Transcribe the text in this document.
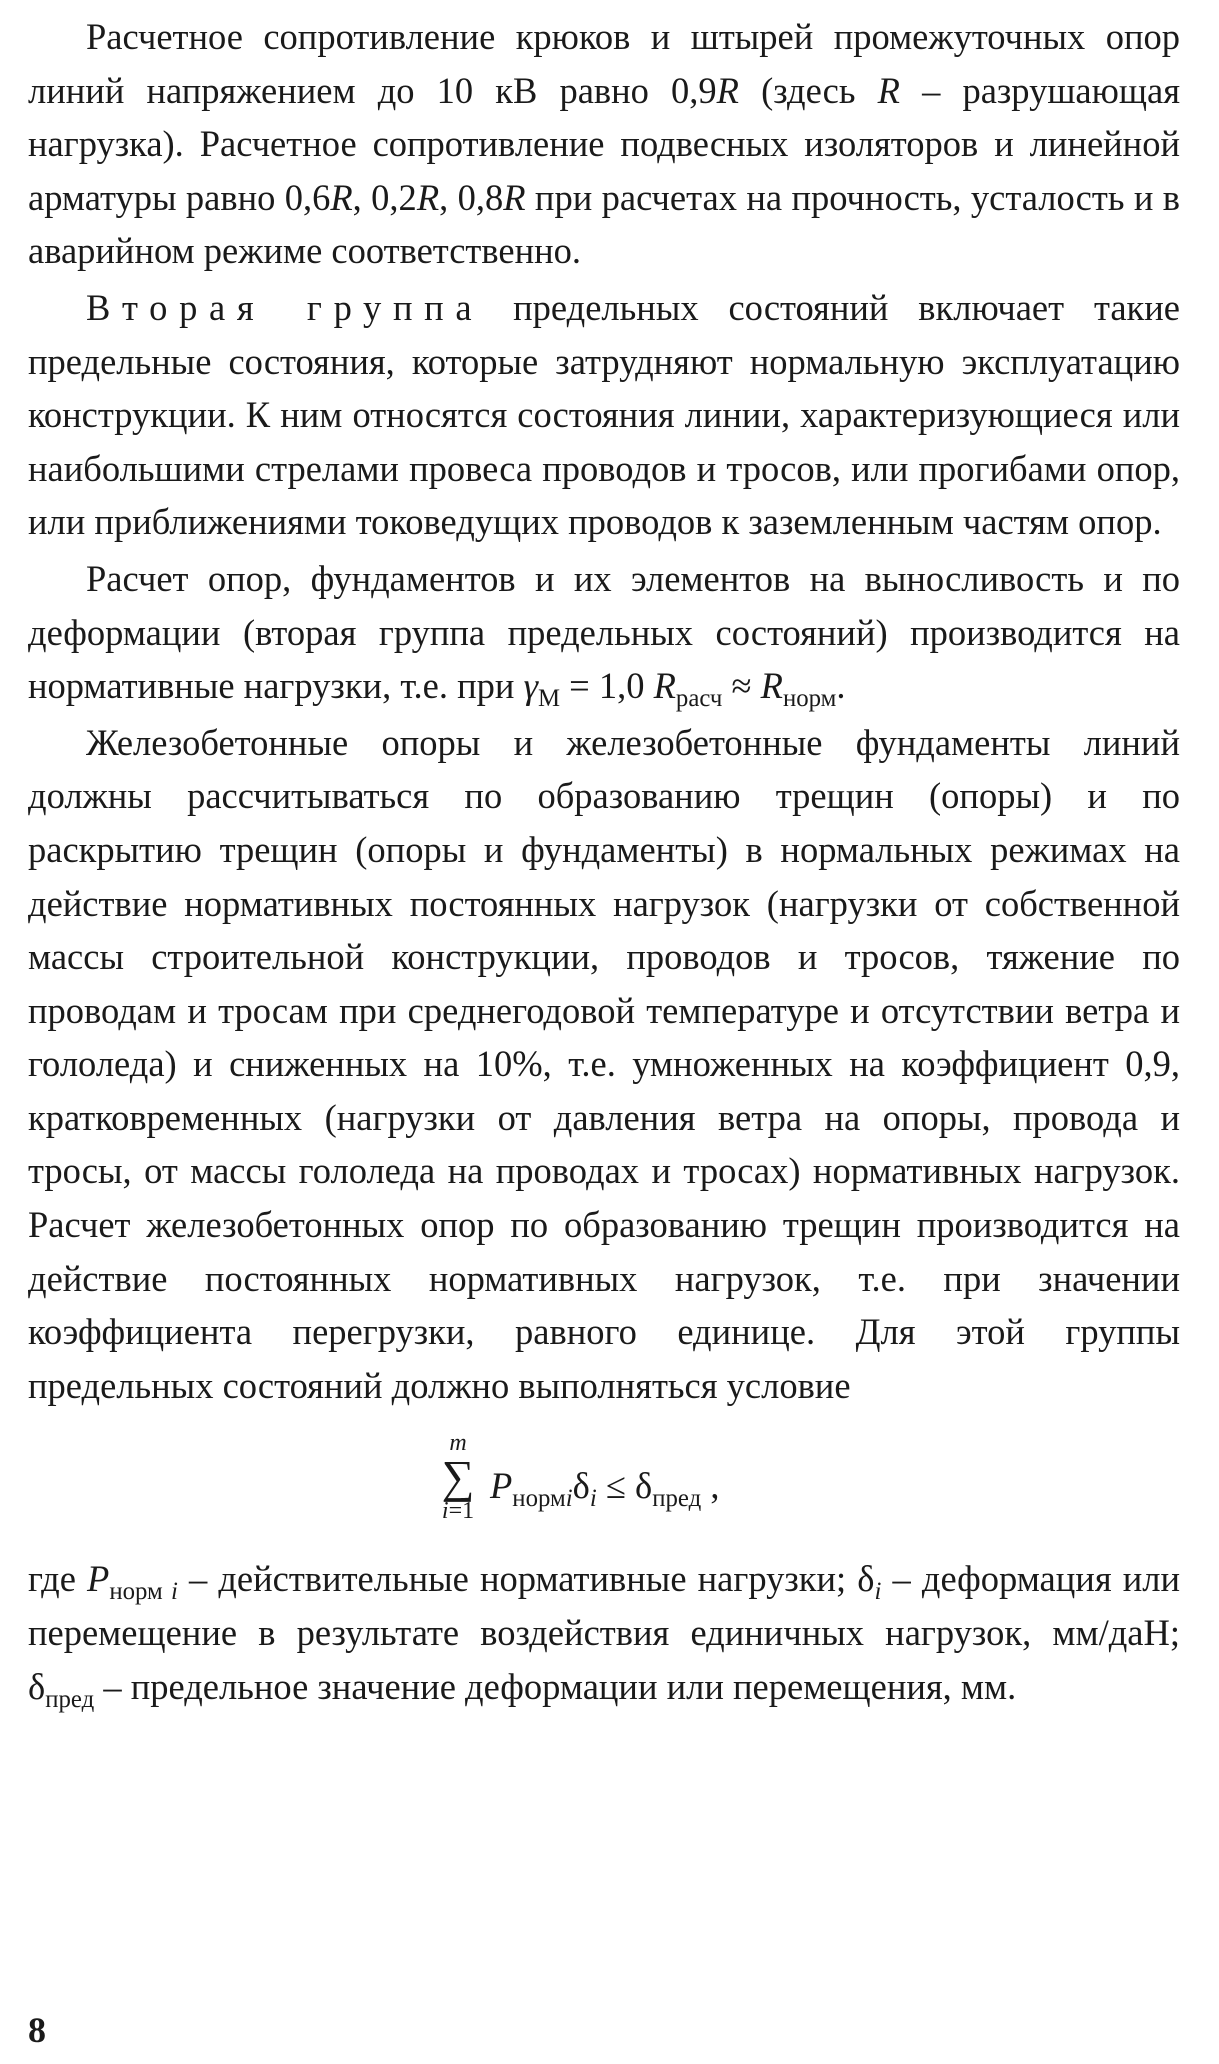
Расчетное сопротивление крюков и штырей промежуточных опор линий напряжением до 10 кВ равно 0,9R (здесь R – разрушающая нагрузка). Расчетное сопротивление подвесных изоляторов и линейной арматуры равно 0,6R, 0,2R, 0,8R при расчетах на прочность, усталость и в аварийном режиме соответственно.

Вторая группа предельных состояний включает такие предельные состояния, которые затрудняют нормальную эксплуатацию конструкции. К ним относятся состояния линии, характеризующиеся или наибольшими стрелами провеса проводов и тросов, или прогибами опор, или приближениями токоведущих проводов к заземленным частям опор.

Расчет опор, фундаментов и их элементов на выносливость и по деформации (вторая группа предельных состояний) производится на нормативные нагрузки, т.е. при $\gamma_М = 1,0$ $R_{расч} \approx R_{норм}$.

Железобетонные опоры и железобетонные фундаменты линий должны рассчитываться по образованию трещин (опоры) и по раскрытию трещин (опоры и фундаменты) в нормальных режимах на действие нормативных постоянных нагрузок (нагрузки от собственной массы строительной конструкции, проводов и тросов, тяжение по проводам и тросам при среднегодовой температуре и отсутствии ветра и гололеда) и сниженных на 10%, т.е. умноженных на коэффициент 0,9, кратковременных (нагрузки от давления ветра на опоры, провода и тросы, от массы гололеда на проводах и тросах) нормативных нагрузок. Расчет железобетонных опор по образованию трещин производится на действие постоянных нормативных нагрузок, т.е. при значении коэффициента перегрузки, равного единице. Для этой группы предельных состояний должно выполняться условие

m
∑
i=1
$P_{нормi}\delta_i \le \delta_{пред}$ ,

где $P_{норм i}$ – действительные нормативные нагрузки; $\delta_i$ – деформация или перемещение в результате воздействия единичных нагрузок, мм/даН; $\delta_{пред}$ – предельное значение деформации или перемещения, мм.

8
